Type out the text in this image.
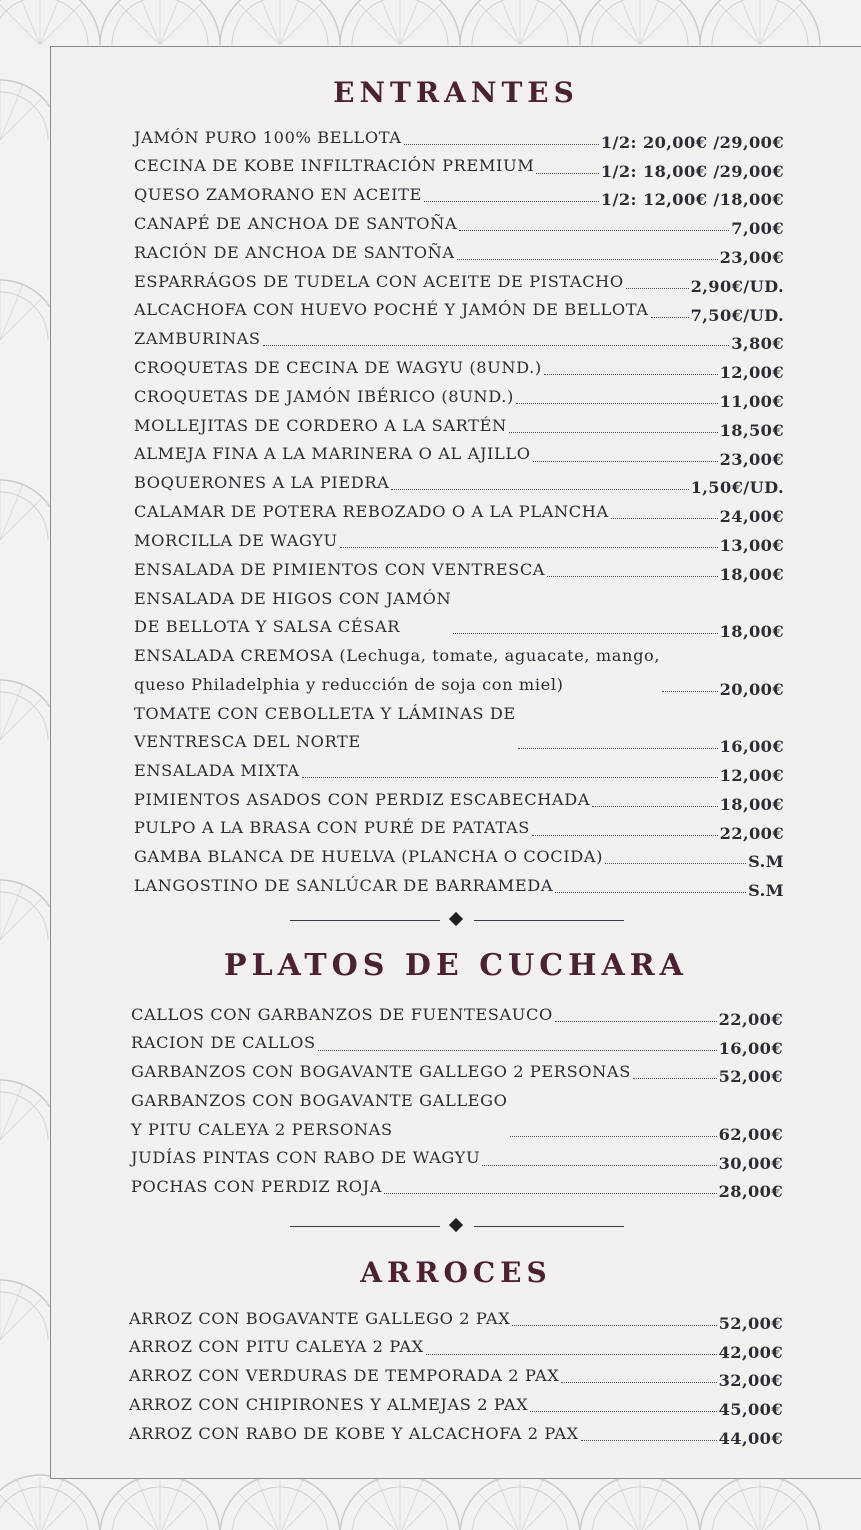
ENTRANTES
JAMÓN PURO 100% BELLOTA	1/2: 20,00€ /29,00€
CECINA DE KOBE INFILTRACIÓN PREMIUM	1/2: 18,00€ /29,00€
QUESO ZAMORANO EN ACEITE	1/2: 12,00€ /18,00€
CANAPÉ DE ANCHOA DE SANTOÑA	7,00€
RACIÓN DE ANCHOA DE SANTOÑA	23,00€
ESPARRÁGOS DE TUDELA CON ACEITE DE PISTACHO	2,90€/UD.
ALCACHOFA CON HUEVO POCHÉ Y JAMÓN DE BELLOTA	7,50€/UD.
ZAMBURINAS	3,80€
CROQUETAS DE CECINA DE WAGYU (8UND.)	12,00€
CROQUETAS DE JAMÓN IBÉRICO (8UND.)	11,00€
MOLLEJITAS DE CORDERO A LA SARTÉN	18,50€
ALMEJA FINA A LA MARINERA O AL AJILLO	23,00€
BOQUERONES A LA PIEDRA	1,50€/UD.
CALAMAR DE POTERA REBOZADO O A LA PLANCHA	24,00€
MORCILLA DE WAGYU	13,00€
ENSALADA DE PIMIENTOS CON VENTRESCA	18,00€
ENSALADA DE HIGOS CON JAMÓN
DE BELLOTA Y SALSA CÉSAR	18,00€
ENSALADA CREMOSA (Lechuga, tomate, aguacate, mango,
queso Philadelphia y reducción de soja con miel)	20,00€
TOMATE CON CEBOLLETA Y LÁMINAS DE
VENTRESCA DEL NORTE	16,00€
ENSALADA MIXTA	12,00€
PIMIENTOS ASADOS CON PERDIZ ESCABECHADA	18,00€
PULPO A LA BRASA CON PURÉ DE PATATAS	22,00€
GAMBA BLANCA DE HUELVA (PLANCHA O COCIDA)	S.M
LANGOSTINO DE SANLÚCAR DE BARRAMEDA	S.M
PLATOS DE CUCHARA
CALLOS CON GARBANZOS DE FUENTESAUCO	22,00€
RACION DE CALLOS	16,00€
GARBANZOS CON BOGAVANTE GALLEGO 2 PERSONAS	52,00€
GARBANZOS CON BOGAVANTE GALLEGO
Y PITU CALEYA 2 PERSONAS	62,00€
JUDÍAS PINTAS CON RABO DE WAGYU	30,00€
POCHAS CON PERDIZ ROJA	28,00€
ARROCES
ARROZ CON BOGAVANTE GALLEGO 2 PAX	52,00€
ARROZ CON PITU CALEYA 2 PAX	42,00€
ARROZ CON VERDURAS DE TEMPORADA 2 PAX	32,00€
ARROZ CON CHIPIRONES Y ALMEJAS 2 PAX	45,00€
ARROZ CON RABO DE KOBE Y ALCACHOFA 2 PAX	44,00€
